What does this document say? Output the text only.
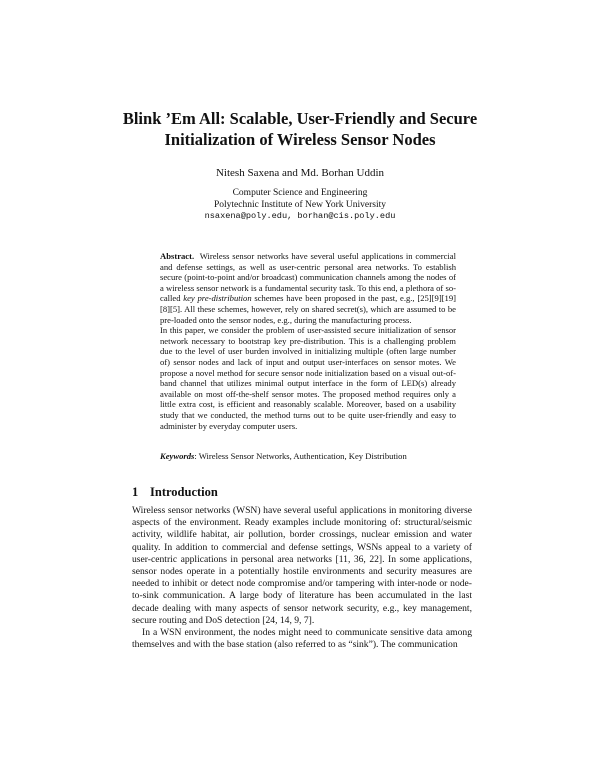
Blink ’Em All: Scalable, User-Friendly and Secure
Initialization of Wireless Sensor Nodes
Nitesh Saxena and Md. Borhan Uddin
Computer Science and Engineering
Polytechnic Institute of New York University
nsaxena@poly.edu, borhan@cis.poly.edu

Abstract. Wireless sensor networks have several useful applications in commercial and defense settings, as well as user-centric personal area networks. To establish secure (point-to-point and/or broadcast) communication channels among the nodes of a wireless sensor network is a fundamental security task. To this end, a plethora of so-called key pre-distribution schemes have been proposed in the past, e.g., [25][9][19][8][5]. All these schemes, however, rely on shared secret(s), which are assumed to be pre-loaded onto the sensor nodes, e.g., during the manufacturing process.

In this paper, we consider the problem of user-assisted secure initialization of sensor network necessary to bootstrap key pre-distribution. This is a challenging problem due to the level of user burden involved in initializing multiple (often large number of) sensor nodes and lack of input and output user-interfaces on sensor motes. We propose a novel method for secure sensor node initialization based on a visual out-of-band channel that utilizes minimal output interface in the form of LED(s) already available on most off-the-shelf sensor motes. The proposed method requires only a little extra cost, is efficient and reasonably scalable. Moreover, based on a usability study that we conducted, the method turns out to be quite user-friendly and easy to administer by everyday computer users.

Keywords: Wireless Sensor Networks, Authentication, Key Distribution
1 Introduction

Wireless sensor networks (WSN) have several useful applications in monitoring diverse aspects of the environment. Ready examples include monitoring of: structural/seismic activity, wildlife habitat, air pollution, border crossings, nuclear emission and water quality. In addition to commercial and defense settings, WSNs appeal to a variety of user-centric applications in personal area networks [11, 36, 22]. In some applications, sensor nodes operate in a potentially hostile environments and security measures are needed to inhibit or detect node compromise and/or tampering with inter-node or node-to-sink communication. A large body of literature has been accumulated in the last decade dealing with many aspects of sensor network security, e.g., key management, secure routing and DoS detection [24, 14, 9, 7].

In a WSN environment, the nodes might need to communicate sensitive data among themselves and with the base station (also referred to as “sink”). The communication
